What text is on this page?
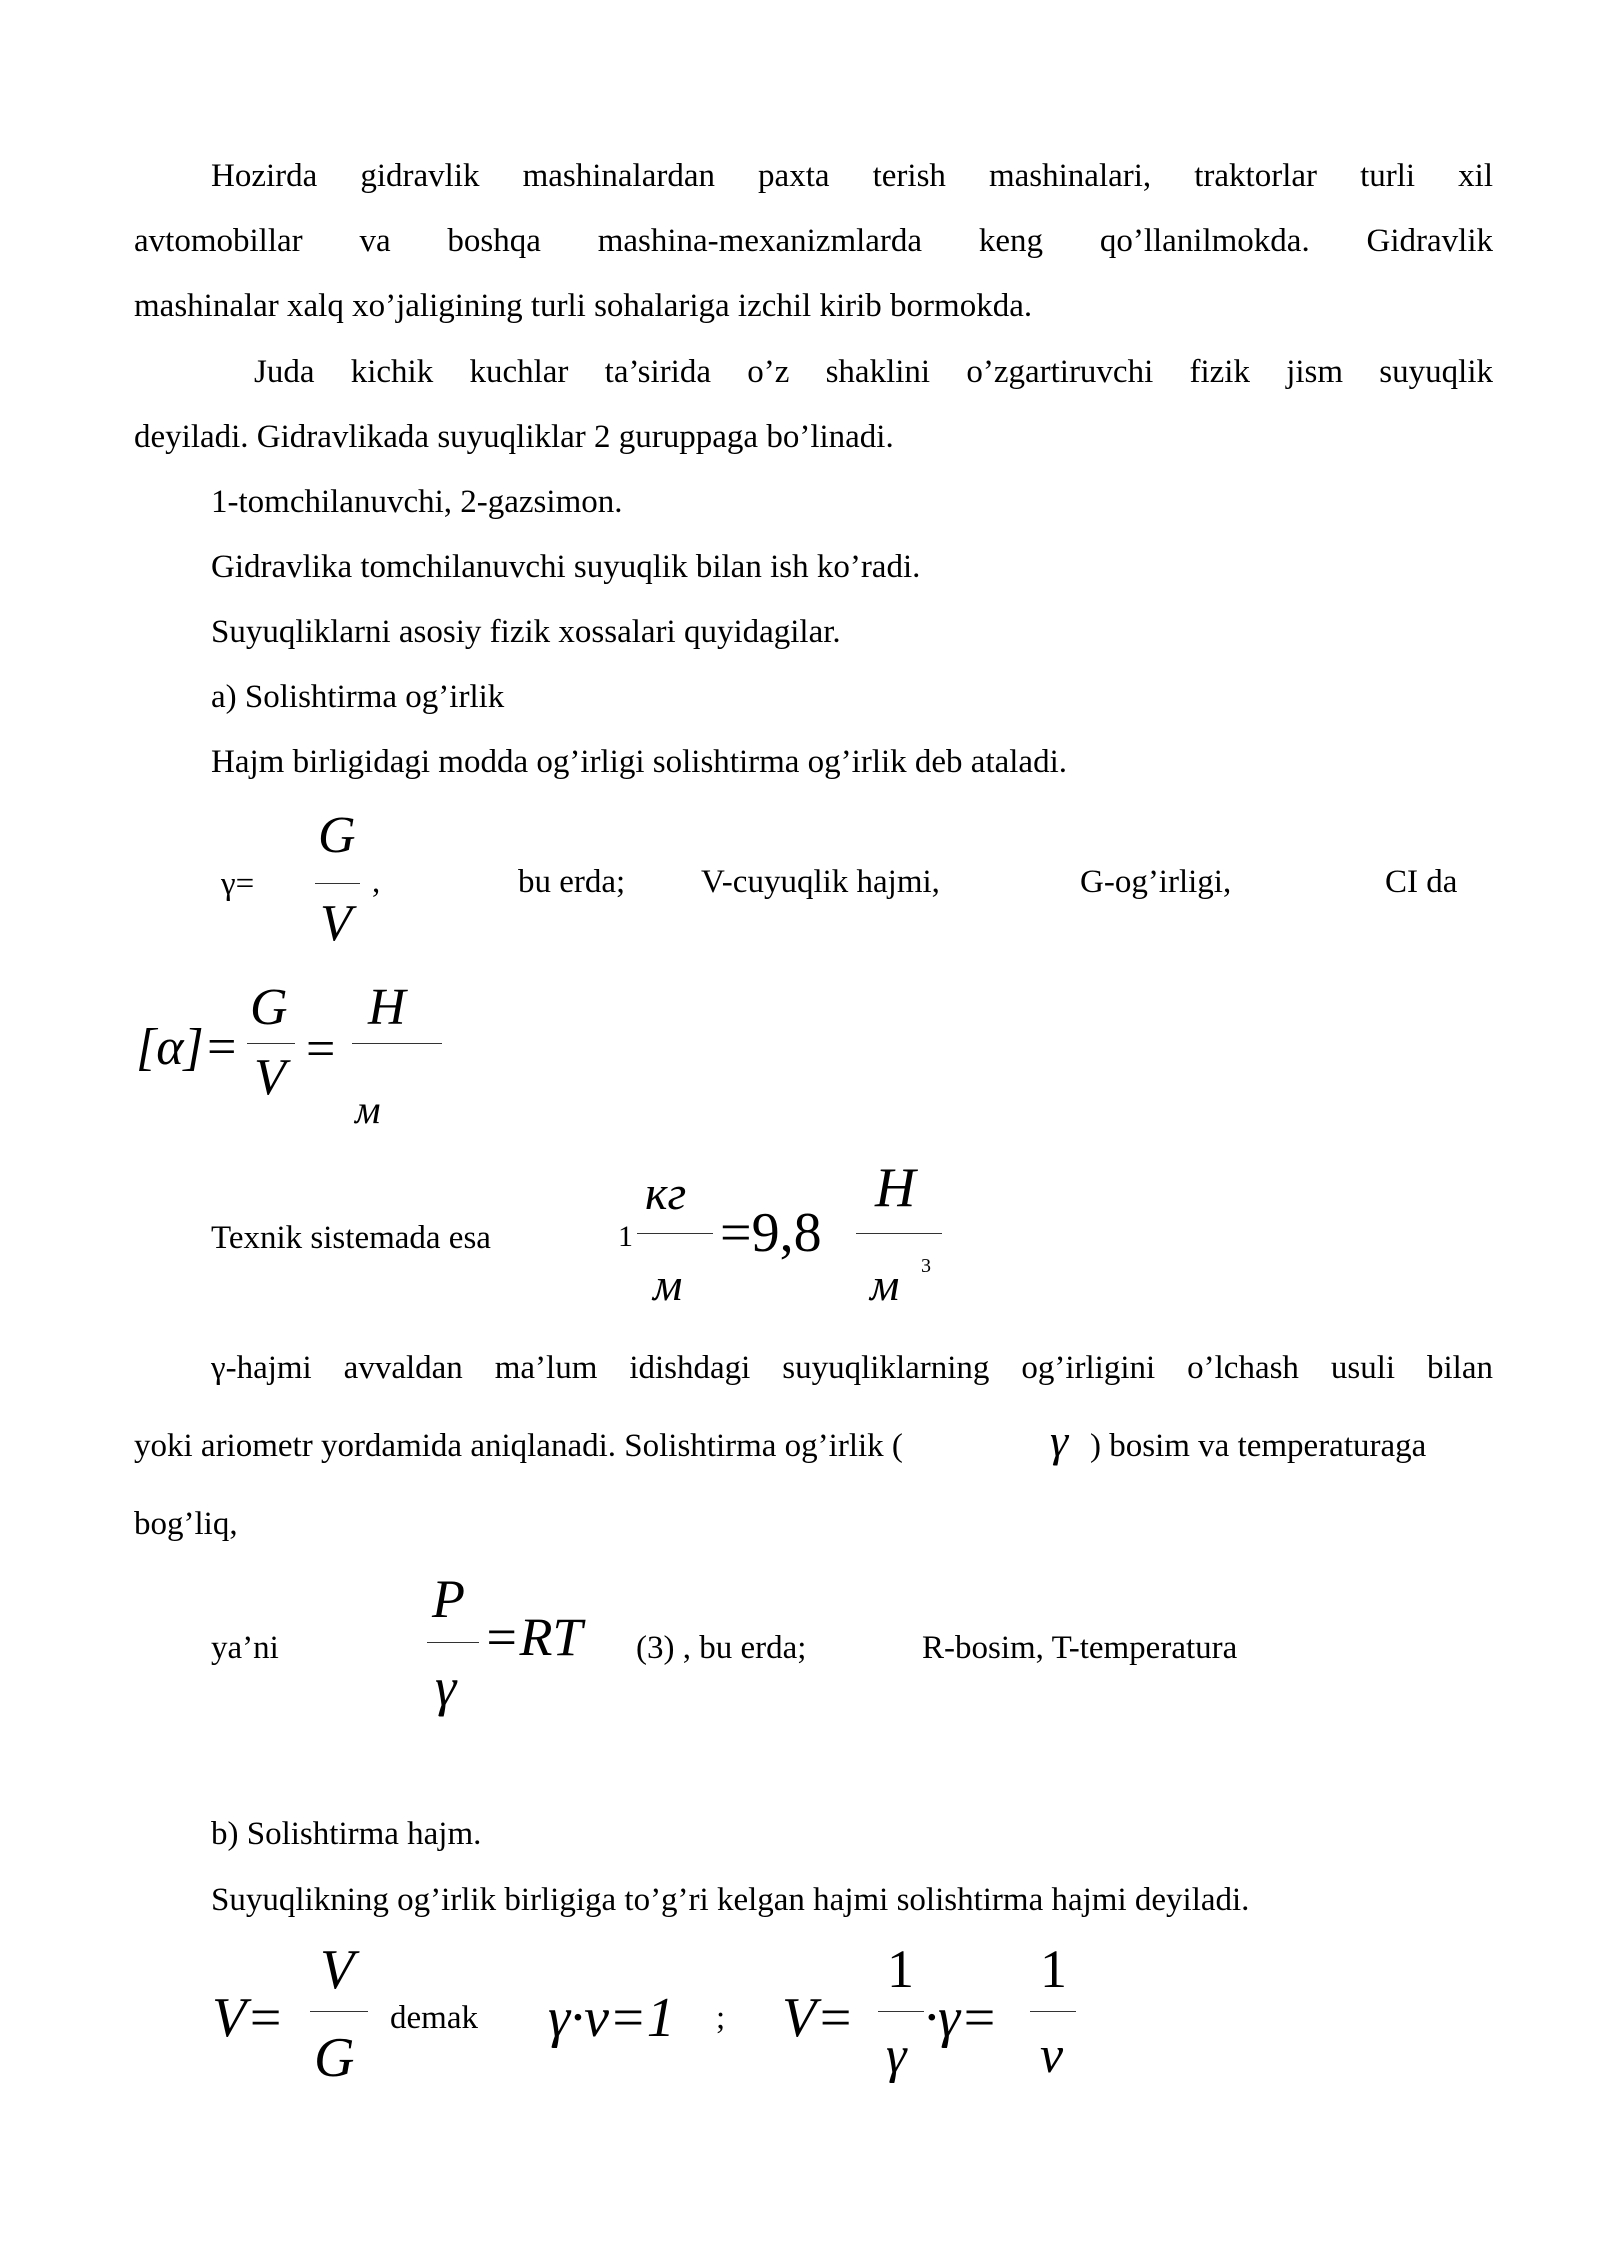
Hozirda gidravlik mashinalardan paxta terish mashinalari, traktorlar turli xil
avtomobillar va boshqa mashina-mexanizmlarda keng qo’llanilmokda. Gidravlik
mashinalar xalq xo’jaligining turli sohalariga izchil kirib bormokda.
Juda kichik kuchlar ta’sirida o’z shaklini o’zgartiruvchi fizik jism suyuqlik
deyiladi. Gidravlikada suyuqliklar 2 guruppaga bo’linadi.
1-tomchilanuvchi, 2-gazsimon.
Gidravlika tomchilanuvchi suyuqlik bilan ish ko’radi.
Suyuqliklarni asosiy fizik xossalari quyidagilar.
a) Solishtirma og’irlik
Hajm birligidagi modda og’irligi solishtirma og’irlik deb ataladi.
γ=
G
V
,	bu erda; V-cuyuqlik hajmi,	G-og’irligi,	CI da
[α]=
G
V =
H
м
Texnik sistemada esa	1
кг
м
=9,8
H
м 3
γ-hajmi avvaldan ma’lum idishdagi suyuqliklarning og’irligini o’lchash usuli bilan
yoki ariometr yordamida aniqlanadi. Solishtirma og’irlik (	γ ) bosim va temperaturaga
bog’liq,
ya’ni
P
γ
=RT (3) , bu erda;	R-bosim, T-temperatura
b) Solishtirma hajm.
Suyuqlikning og’irlik birligiga to’g’ri kelgan hajmi solishtirma hajmi deyiladi.
V=
V
G
demak γ·ν=1 ; V=
1
γ
·γ=
1
ν
